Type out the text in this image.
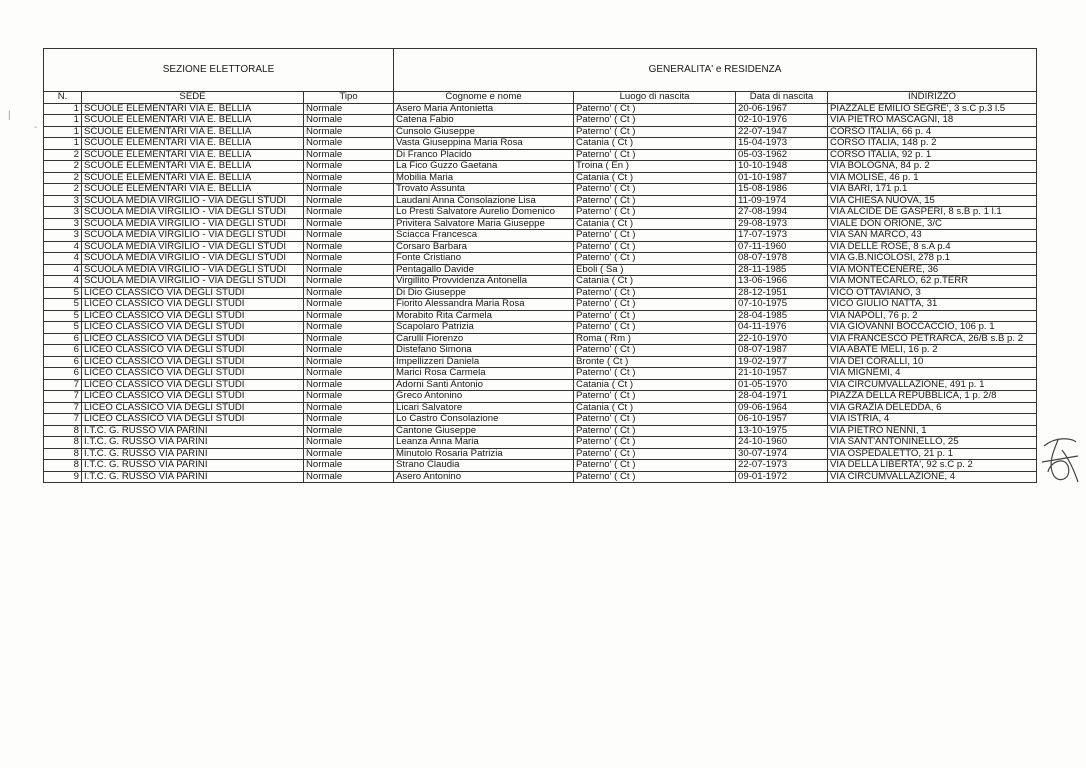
SEZIONE ELETTORALE			GENERALITA' e RESIDENZA			
N.	SEDE	Tipo	Cognome e nome	Luogo di nascita	Data di nascita	INDIRIZZO
1	SCUOLE ELEMENTARI VIA E. BELLIA	Normale	Asero Maria Antonietta	Paterno' ( Ct )	20-06-1967	PIAZZALE EMILIO SEGRE', 3 s.C p.3 l.5
1	SCUOLE ELEMENTARI VIA E. BELLIA	Normale	Catena Fabio	Paterno' ( Ct )	02-10-1976	VIA PIETRO MASCAGNI, 18
1	SCUOLE ELEMENTARI VIA E. BELLIA	Normale	Cunsolo Giuseppe	Paterno' ( Ct )	22-07-1947	CORSO ITALIA, 66 p. 4
1	SCUOLE ELEMENTARI VIA E. BELLIA	Normale	Vasta Giuseppina Maria Rosa	Catania ( Ct )	15-04-1973	CORSO ITALIA, 148 p. 2
2	SCUOLE ELEMENTARI VIA E. BELLIA	Normale	Di Franco Placido	Paterno' ( Ct )	05-03-1962	CORSO ITALIA, 92 p. 1
2	SCUOLE ELEMENTARI VIA E. BELLIA	Normale	La Fico Guzzo Gaetana	Troina ( En )	10-10-1948	VIA BOLOGNA, 84 p. 2
2	SCUOLE ELEMENTARI VIA E. BELLIA	Normale	Mobilia Maria	Catania ( Ct )	01-10-1987	VIA MOLISE, 46 p. 1
2	SCUOLE ELEMENTARI VIA E. BELLIA	Normale	Trovato Assunta	Paterno' ( Ct )	15-08-1986	VIA BARI, 171 p.1
3	SCUOLA MEDIA VIRGILIO - VIA DEGLI STUDI	Normale	Laudani Anna Consolazione Lisa	Paterno' ( Ct )	11-09-1974	VIA CHIESA NUOVA, 15
3	SCUOLA MEDIA VIRGILIO - VIA DEGLI STUDI	Normale	Lo Presti Salvatore Aurelio Domenico	Paterno' ( Ct )	27-08-1994	VIA ALCIDE DE GASPERI, 8 s.B p. 1 l.1
3	SCUOLA MEDIA VIRGILIO - VIA DEGLI STUDI	Normale	Privitera Salvatore Maria Giuseppe	Catania ( Ct )	29-08-1973	VIALE DON ORIONE, 3/C
3	SCUOLA MEDIA VIRGILIO - VIA DEGLI STUDI	Normale	Sciacca Francesca	Paterno' ( Ct )	17-07-1973	VIA SAN MARCO, 43
4	SCUOLA MEDIA VIRGILIO - VIA DEGLI STUDI	Normale	Corsaro Barbara	Paterno' ( Ct )	07-11-1960	VIA DELLE ROSE, 8 s.A p.4
4	SCUOLA MEDIA VIRGILIO - VIA DEGLI STUDI	Normale	Fonte Cristiano	Paterno' ( Ct )	08-07-1978	VIA G.B.NICOLOSI, 278 p.1
4	SCUOLA MEDIA VIRGILIO - VIA DEGLI STUDI	Normale	Pentagallo Davide	Eboli ( Sa )	28-11-1985	VIA MONTECENERE, 36
4	SCUOLA MEDIA VIRGILIO - VIA DEGLI STUDI	Normale	Virgillito Provvidenza Antonella	Catania ( Ct )	13-06-1966	VIA MONTECARLO, 62 p.TERR
5	LICEO CLASSICO VIA DEGLI STUDI	Normale	Di Dio Giuseppe	Paterno' ( Ct )	28-12-1951	VICO OTTAVIANO, 3
5	LICEO CLASSICO VIA DEGLI STUDI	Normale	Fiorito Alessandra Maria Rosa	Paterno' ( Ct )	07-10-1975	VICO GIULIO NATTA, 31
5	LICEO CLASSICO VIA DEGLI STUDI	Normale	Morabito Rita Carmela	Paterno' ( Ct )	28-04-1985	VIA NAPOLI, 76 p. 2
5	LICEO CLASSICO VIA DEGLI STUDI	Normale	Scapolaro Patrizia	Paterno' ( Ct )	04-11-1976	VIA GIOVANNI BOCCACCIO, 106 p. 1
6	LICEO CLASSICO VIA DEGLI STUDI	Normale	Carulli Fiorenzo	Roma ( Rm )	22-10-1970	VIA FRANCESCO PETRARCA, 26/B s.B p. 2
6	LICEO CLASSICO VIA DEGLI STUDI	Normale	Distefano Simona	Paterno' ( Ct )	08-07-1987	VIA ABATE MELI, 16 p. 2
6	LICEO CLASSICO VIA DEGLI STUDI	Normale	Impellizzeri Daniela	Bronte ( Ct )	19-02-1977	VIA DEI CORALLI, 10
6	LICEO CLASSICO VIA DEGLI STUDI	Normale	Marici Rosa Carmela	Paterno' ( Ct )	21-10-1957	VIA MIGNEMI, 4
7	LICEO CLASSICO VIA DEGLI STUDI	Normale	Adorni Santi Antonio	Catania ( Ct )	01-05-1970	VIA CIRCUMVALLAZIONE, 491 p. 1
7	LICEO CLASSICO VIA DEGLI STUDI	Normale	Greco Antonino	Paterno' ( Ct )	28-04-1971	PIAZZA DELLA REPUBBLICA, 1 p. 2/8
7	LICEO CLASSICO VIA DEGLI STUDI	Normale	Licari Salvatore	Catania ( Ct )	09-06-1964	VIA GRAZIA DELEDDA, 6
7	LICEO CLASSICO VIA DEGLI STUDI	Normale	Lo Castro Consolazione	Paterno' ( Ct )	06-10-1957	VIA ISTRIA, 4
8	I.T.C. G. RUSSO VIA PARINI	Normale	Cantone Giuseppe	Paterno' ( Ct )	13-10-1975	VIA PIETRO NENNI, 1
8	I.T.C. G. RUSSO VIA PARINI	Normale	Leanza Anna Maria	Paterno' ( Ct )	24-10-1960	VIA SANT'ANTONINELLO, 25
8	I.T.C. G. RUSSO VIA PARINI	Normale	Minutolo Rosaria Patrizia	Paterno' ( Ct )	30-07-1974	VIA OSPEDALETTO, 21 p. 1
8	I.T.C. G. RUSSO VIA PARINI	Normale	Strano Claudia	Paterno' ( Ct )	22-07-1973	VIA DELLA LIBERTA', 92 s.C p. 2
9	I.T.C. G. RUSSO VIA PARINI	Normale	Asero Antonino	Paterno' ( Ct )	09-01-1972	VIA CIRCUMVALLAZIONE, 4
|
-
